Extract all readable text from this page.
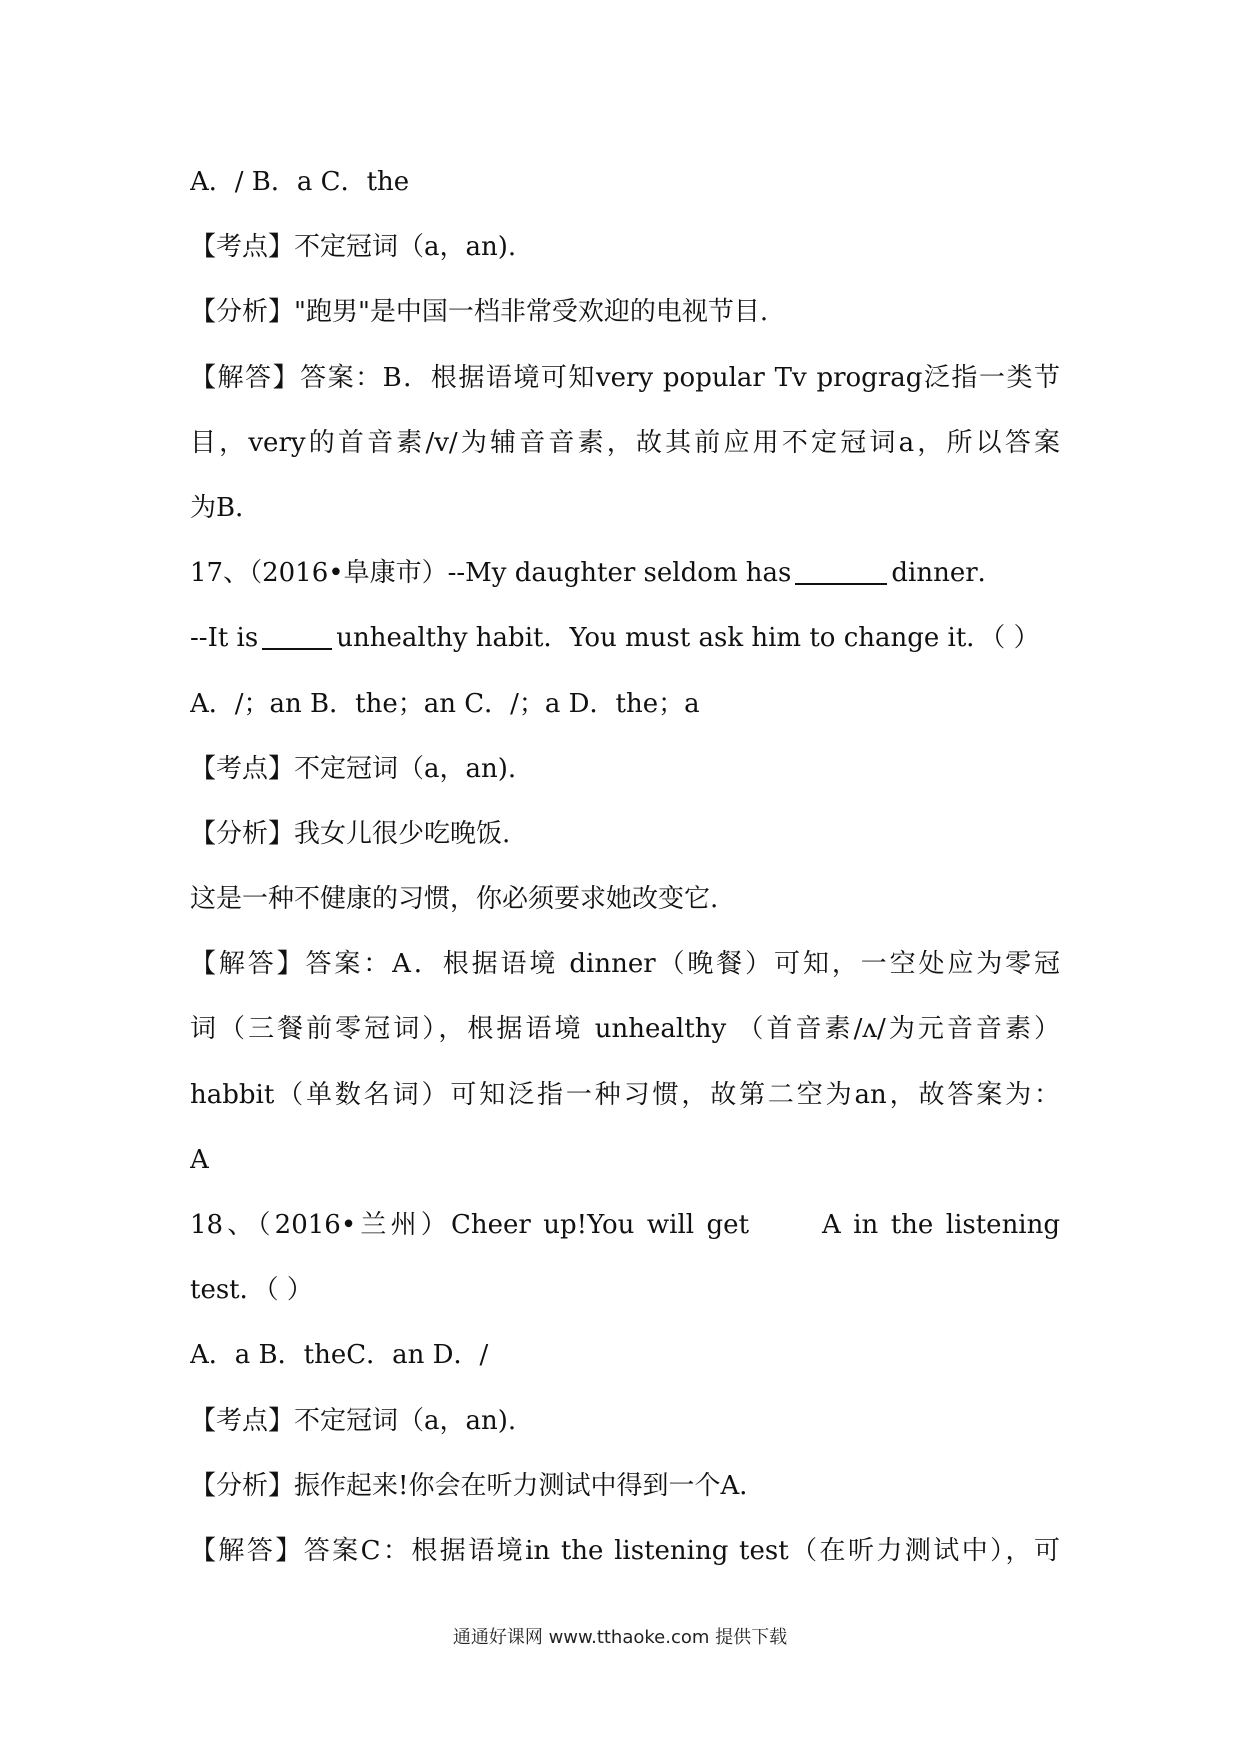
A．/ B．a C．the
【考点】不定冠词（a，an).
【分析】"跑男"是中国一档非常受欢迎的电视节目.
【解答】答案：B．根据语境可知very popular Tv prograg泛指一类节
目，very的首音素/v/为辅音音素，故其前应用不定冠词a，所以答案
为B．
17、（2016•阜康市）--My daughter seldom has	dinner．
--It is	unhealthy habit．You must ask him to change it．（ ）
A．/；an B．the；an C．/；a D．the；a
【考点】不定冠词（a，an).
【分析】我女儿很少吃晚饭.
这是一种不健康的习惯，你必须要求她改变它.
【解答】答案：A．根据语境 dinner（晚餐）可知，一空处应为零冠
词（三餐前零冠词），根据语境 unhealthy （首音素/ʌ/为元音音素）
habbit（单数名词）可知泛指一种习惯，故第二空为an，故答案为：
A
18、（2016•兰州）Cheer up!You will get	A in the listening
test．（ ）
A．a B．theC．an D．/
【考点】不定冠词（a，an).
【分析】振作起来!你会在听力测试中得到一个A．
【解答】答案C：根据语境in the listening test（在听力测试中），可
通通好课网 www.tthaoke.com 提供下载
